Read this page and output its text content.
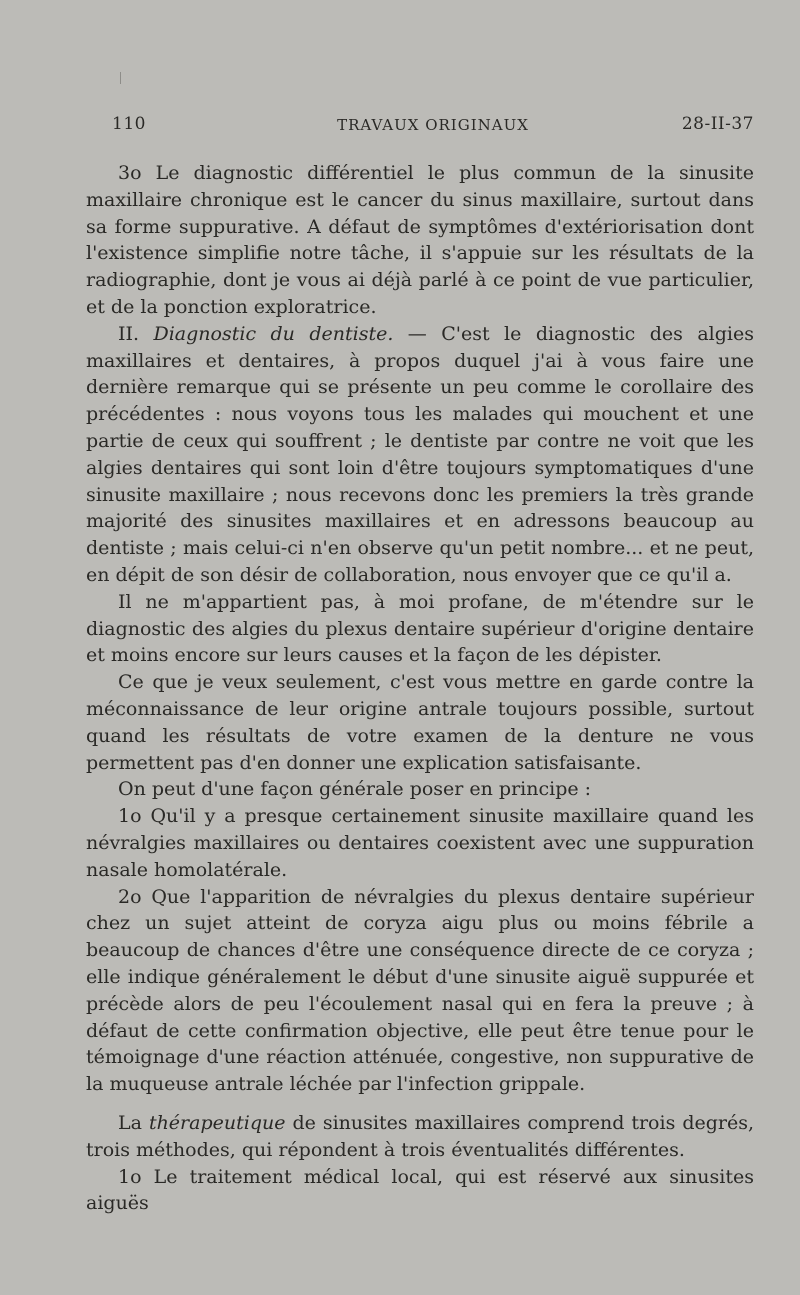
110	TRAVAUX ORIGINAUX	28-II-37

3o Le diagnostic différentiel le plus commun de la sinusite maxillaire chronique est le cancer du sinus maxillaire, surtout dans sa forme suppurative. A défaut de symptômes d'extériorisation dont l'existence simplifie notre tâche, il s'appuie sur les résultats de la radiographie, dont je vous ai déjà parlé à ce point de vue particulier, et de la ponction exploratrice.

II. Diagnostic du dentiste. — C'est le diagnostic des algies maxillaires et dentaires, à propos duquel j'ai à vous faire une dernière remarque qui se présente un peu comme le corollaire des précédentes : nous voyons tous les malades qui mouchent et une partie de ceux qui souffrent ; le dentiste par contre ne voit que les algies dentaires qui sont loin d'être toujours symptomatiques d'une sinusite maxillaire ; nous recevons donc les premiers la très grande majorité des sinusites maxillaires et en adressons beaucoup au dentiste ; mais celui-ci n'en observe qu'un petit nombre... et ne peut, en dépit de son désir de collaboration, nous envoyer que ce qu'il a.

Il ne m'appartient pas, à moi profane, de m'étendre sur le diagnostic des algies du plexus dentaire supérieur d'origine dentaire et moins encore sur leurs causes et la façon de les dépister.

Ce que je veux seulement, c'est vous mettre en garde contre la méconnaissance de leur origine antrale toujours possible, surtout quand les résultats de votre examen de la denture ne vous permettent pas d'en donner une explication satisfaisante.

On peut d'une façon générale poser en principe :

1o Qu'il y a presque certainement sinusite maxillaire quand les névralgies maxillaires ou dentaires coexistent avec une suppuration nasale homolatérale.

2o Que l'apparition de névralgies du plexus dentaire supérieur chez un sujet atteint de coryza aigu plus ou moins fébrile a beaucoup de chances d'être une conséquence directe de ce coryza ; elle indique généralement le début d'une sinusite aiguë suppurée et précède alors de peu l'écoulement nasal qui en fera la preuve ; à défaut de cette confirmation objective, elle peut être tenue pour le témoignage d'une réaction atténuée, congestive, non suppurative de la muqueuse antrale léchée par l'infection grippale.

La thérapeutique de sinusites maxillaires comprend trois degrés, trois méthodes, qui répondent à trois éventualités différentes.

1o Le traitement médical local, qui est réservé aux sinusites aiguës
